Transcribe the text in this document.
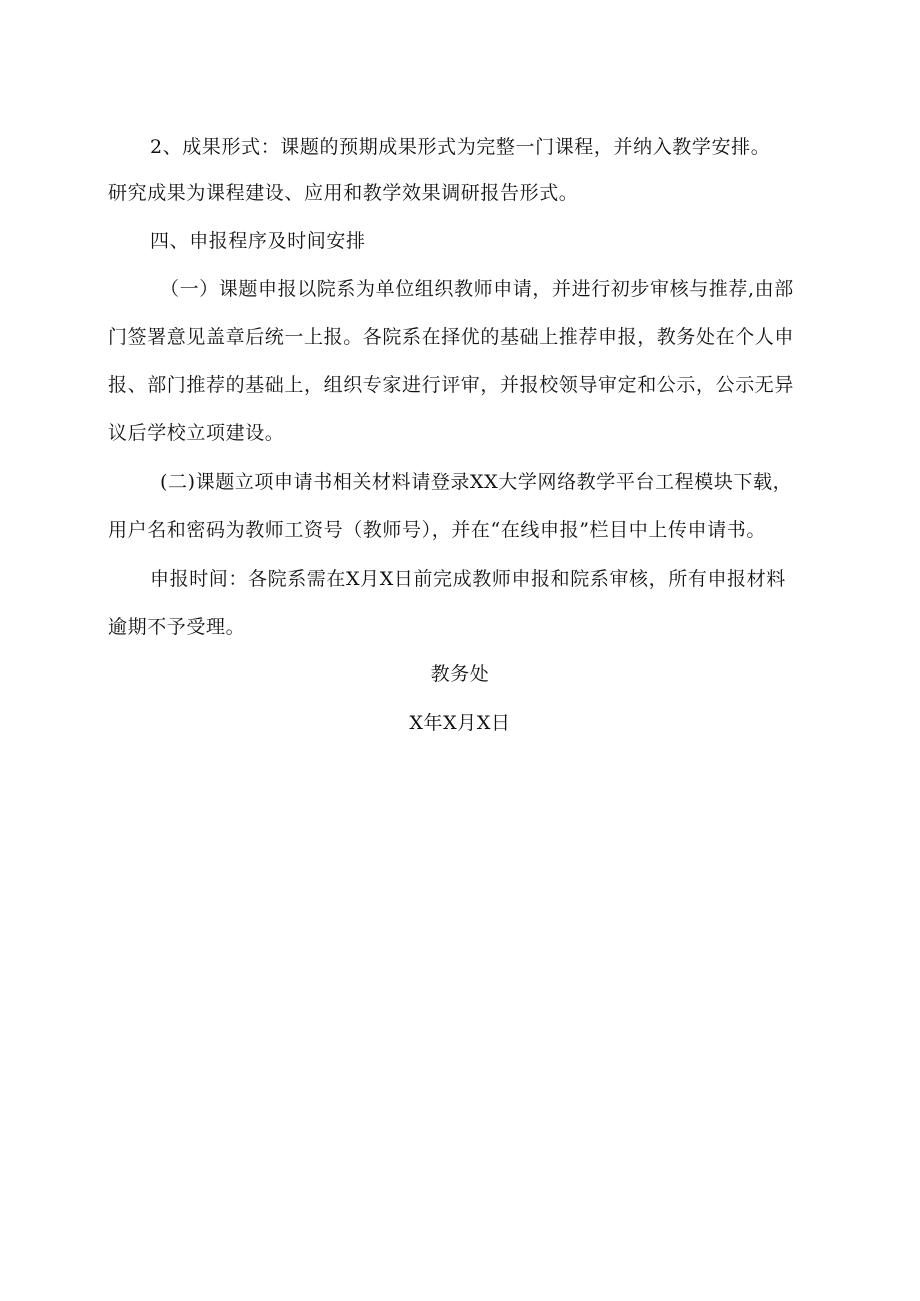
2、成果形式：课题的预期成果形式为完整一门课程，并纳入教学安排。
研究成果为课程建设、应用和教学效果调研报告形式。
四、申报程序及时间安排
（一）课题申报以院系为单位组织教师申请，并进行初步审核与推荐,由部
门签署意见盖章后统一上报。各院系在择优的基础上推荐申报，教务处在个人申
报、部门推荐的基础上，组织专家进行评审，并报校领导审定和公示，公示无异
议后学校立项建设。
(二)课题立项申请书相关材料请登录XX大学网络教学平台工程模块下载，
用户名和密码为教师工资号（教师号），并在“在线申报”栏目中上传申请书。
申报时间：各院系需在X月X日前完成教师申报和院系审核，所有申报材料
逾期不予受理。
教务处
X年X月X日
